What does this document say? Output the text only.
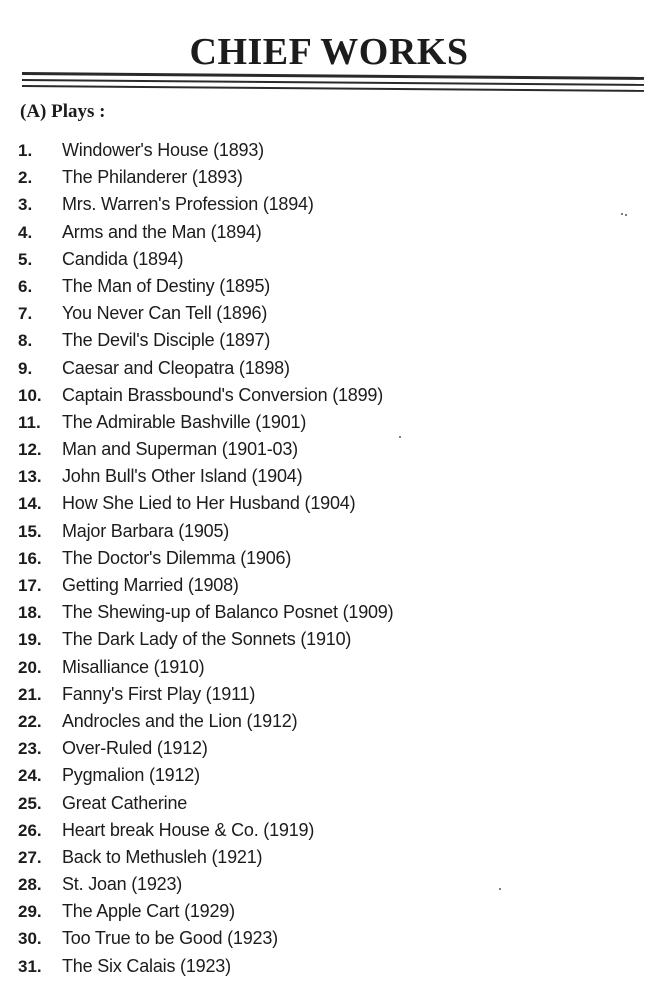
CHIEF WORKS
(A) Plays :
1.	Windower's House (1893)
2.	The Philanderer (1893)
3.	Mrs. Warren's Profession (1894)
4.	Arms and the Man (1894)
5.	Candida (1894)
6.	The Man of Destiny (1895)
7.	You Never Can Tell (1896)
8.	The Devil's Disciple (1897)
9.	Caesar and Cleopatra (1898)
10.	Captain Brassbound's Conversion (1899)
11.	The Admirable Bashville (1901)
12.	Man and Superman (1901-03)
13.	John Bull's Other Island (1904)
14.	How She Lied to Her Husband (1904)
15.	Major Barbara (1905)
16.	The Doctor's Dilemma (1906)
17.	Getting Married (1908)
18.	The Shewing-up of Balanco Posnet (1909)
19.	The Dark Lady of the Sonnets (1910)
20.	Misalliance (1910)
21.	Fanny's First Play (1911)
22.	Androcles and the Lion (1912)
23.	Over-Ruled (1912)
24.	Pygmalion (1912)
25.	Great Catherine
26.	Heart break House & Co. (1919)
27.	Back to Methusleh (1921)
28.	St. Joan (1923)
29.	The Apple Cart (1929)
30.	Too True to be Good (1923)
31.	The Six Calais (1923)
